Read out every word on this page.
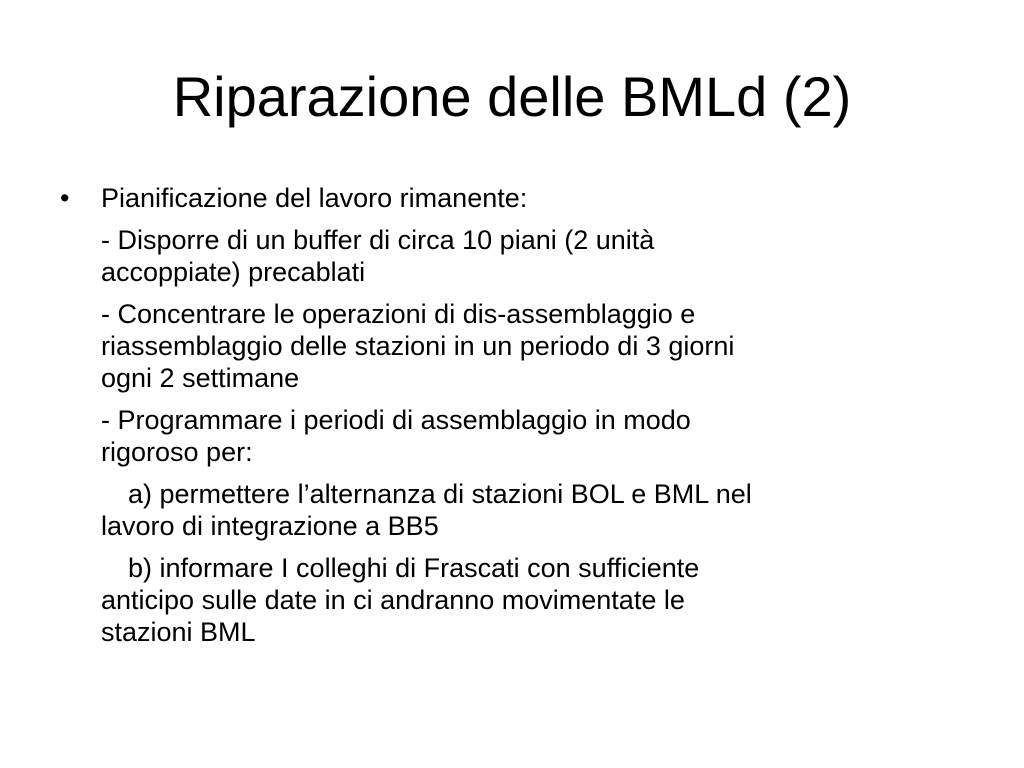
Riparazione delle BMLd (2)
• Pianificazione del lavoro rimanente:
- Disporre di un buffer di circa 10 piani (2 unità
accoppiate) precablati
- Concentrare le operazioni di dis-assemblaggio e
riassemblaggio delle stazioni in un periodo di 3 giorni
ogni 2 settimane
- Programmare i periodi di assemblaggio in modo
rigoroso per:
a) permettere l’alternanza di stazioni BOL e BML nel
lavoro di integrazione a BB5
b) informare I colleghi di Frascati con sufficiente
anticipo sulle date in ci andranno movimentate le
stazioni BML
